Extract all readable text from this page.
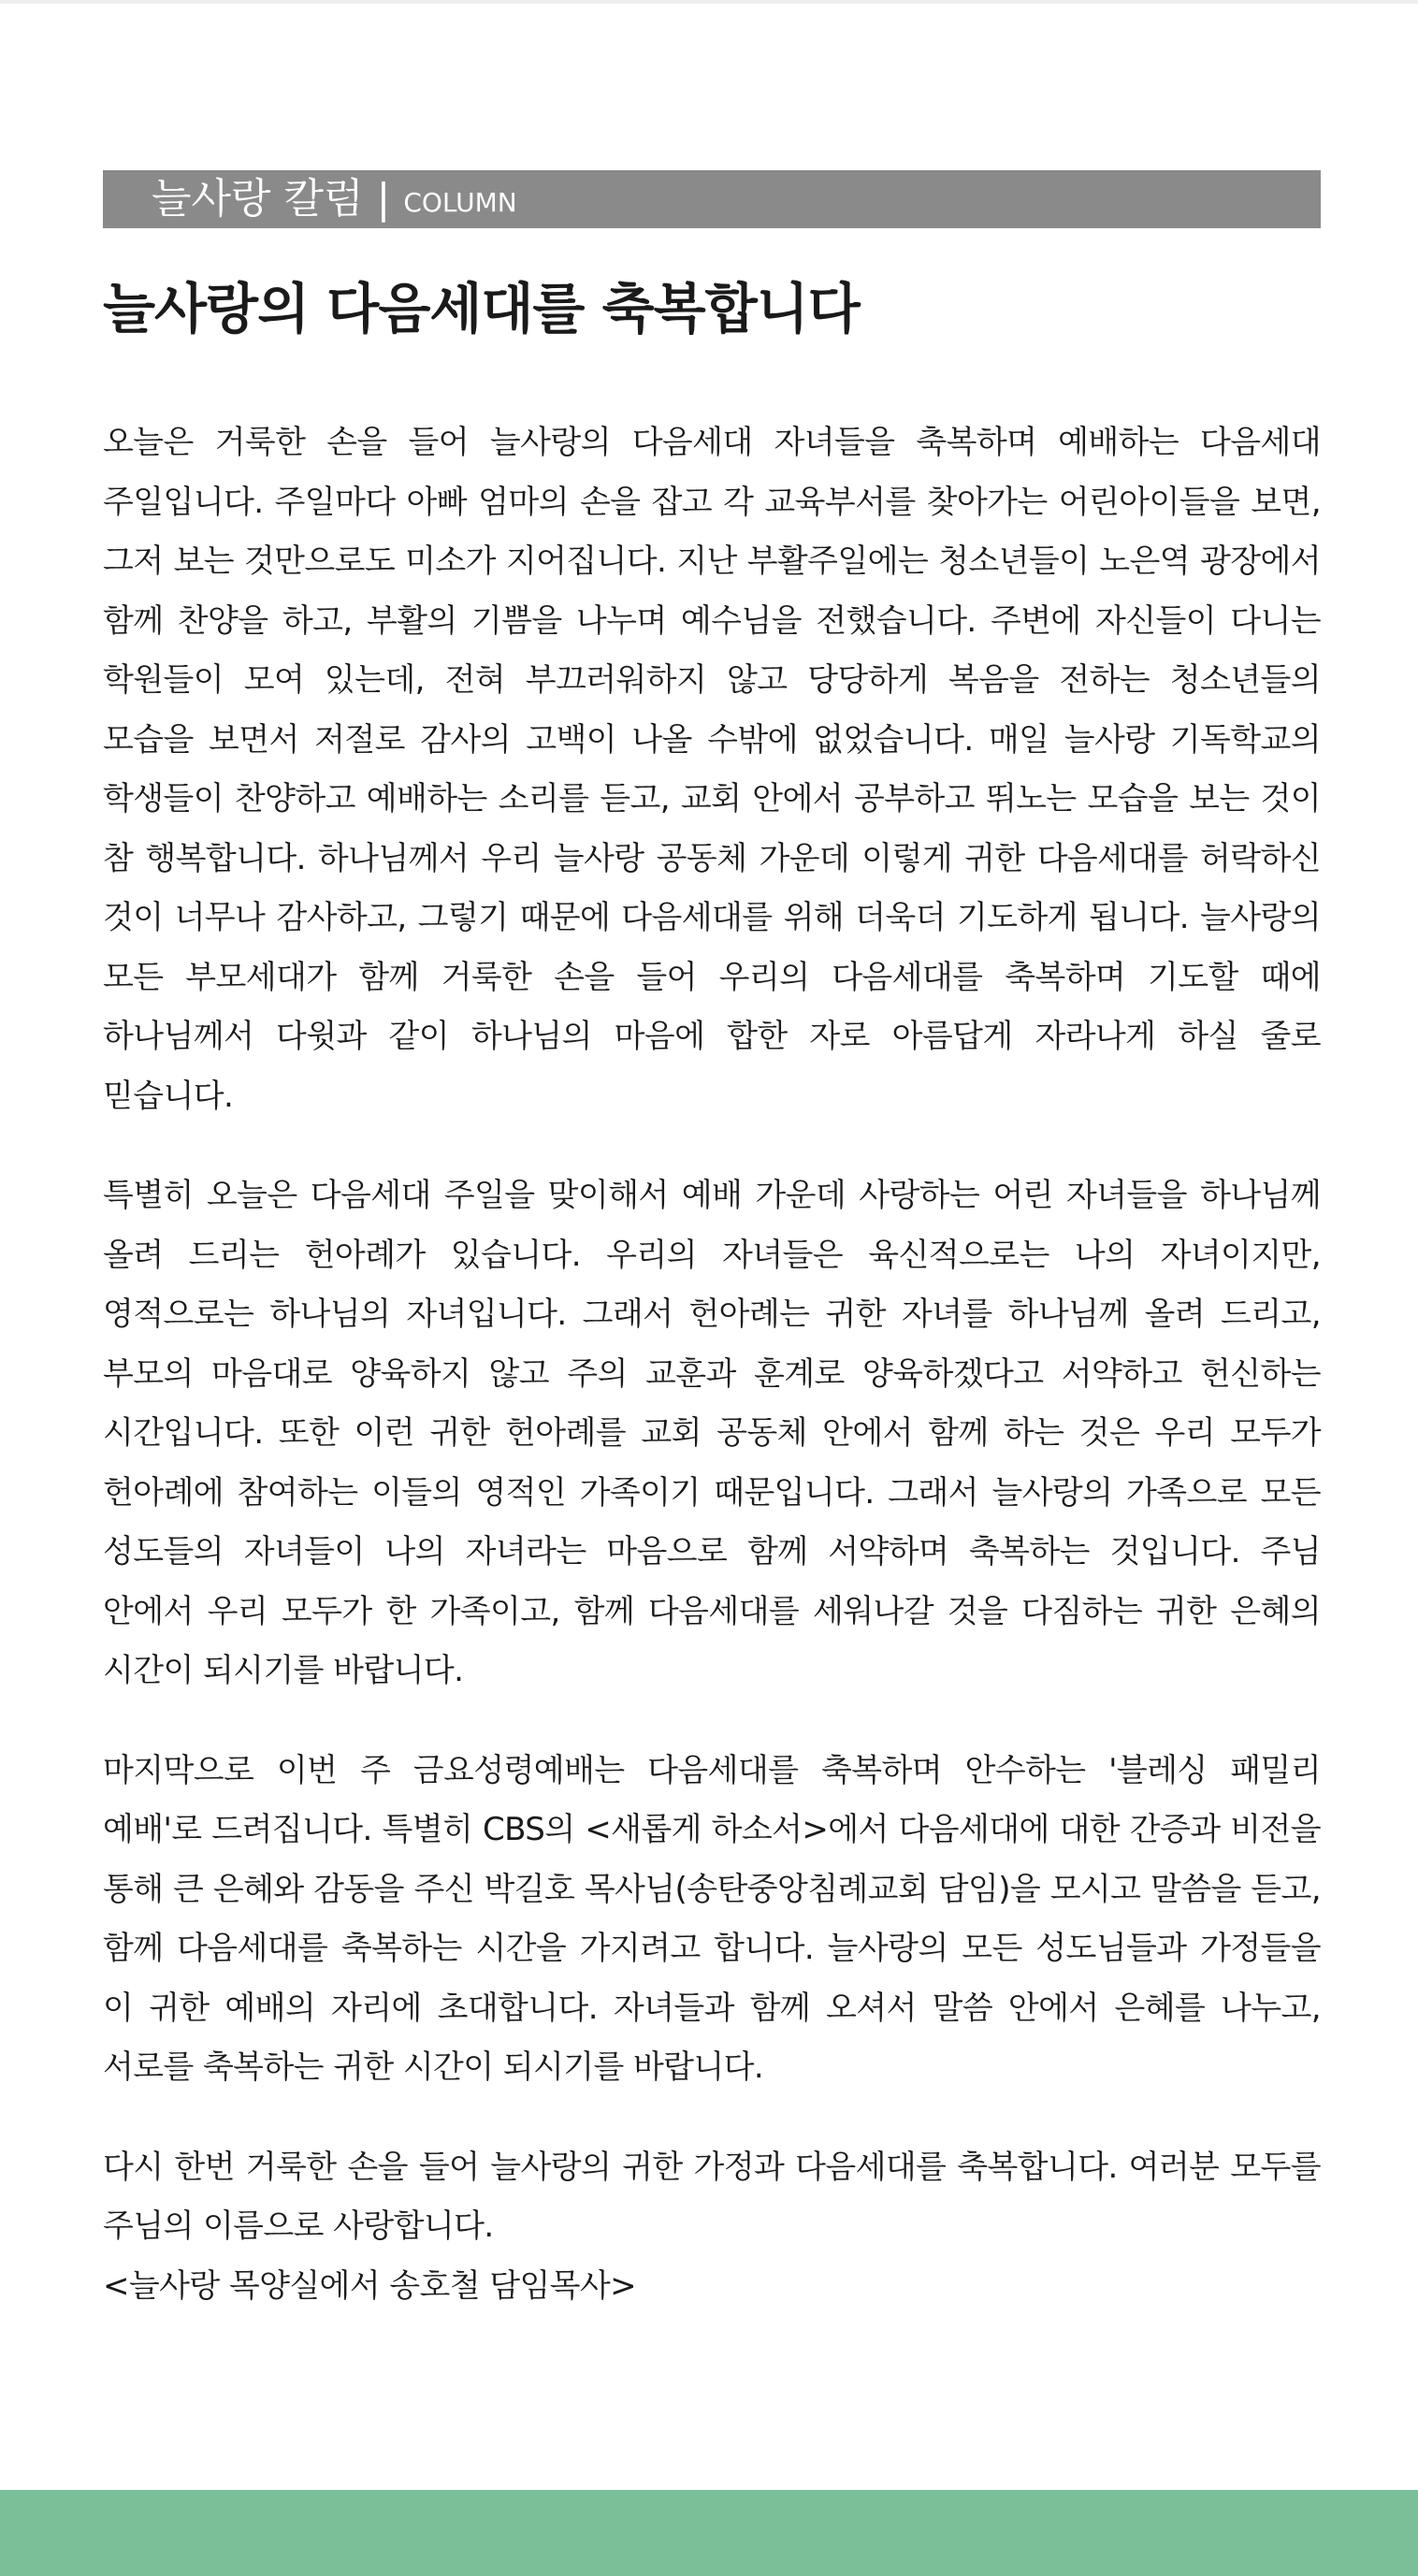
늘사랑 칼럼 | COLUMN
늘사랑의 다음세대를 축복합니다

오늘은 거룩한 손을 들어 늘사랑의 다음세대 자녀들을 축복하며 예배하는 다음세대 주일입니다. 주일마다 아빠 엄마의 손을 잡고 각 교육부서를 찾아가는 어린아이들을 보면, 그저 보는 것만으로도 미소가 지어집니다. 지난 부활주일에는 청소년들이 노은역 광장에서 함께 찬양을 하고, 부활의 기쁨을 나누며 예수님을 전했습니다. 주변에 자신들이 다니는 학원들이 모여 있는데, 전혀 부끄러워하지 않고 당당하게 복음을 전하는 청소년들의 모습을 보면서 저절로 감사의 고백이 나올 수밖에 없었습니다. 매일 늘사랑 기독학교의 학생들이 찬양하고 예배하는 소리를 듣고, 교회 안에서 공부하고 뛰노는 모습을 보는 것이 참 행복합니다. 하나님께서 우리 늘사랑 공동체 가운데 이렇게 귀한 다음세대를 허락하신 것이 너무나 감사하고, 그렇기 때문에 다음세대를 위해 더욱더 기도하게 됩니다. 늘사랑의 모든 부모세대가 함께 거룩한 손을 들어 우리의 다음세대를 축복하며 기도할 때에 하나님께서 다윗과 같이 하나님의 마음에 합한 자로 아름답게 자라나게 하실 줄로 믿습니다.

특별히 오늘은 다음세대 주일을 맞이해서 예배 가운데 사랑하는 어린 자녀들을 하나님께 올려 드리는 헌아례가 있습니다. 우리의 자녀들은 육신적으로는 나의 자녀이지만, 영적으로는 하나님의 자녀입니다. 그래서 헌아례는 귀한 자녀를 하나님께 올려 드리고, 부모의 마음대로 양육하지 않고 주의 교훈과 훈계로 양육하겠다고 서약하고 헌신하는 시간입니다. 또한 이런 귀한 헌아례를 교회 공동체 안에서 함께 하는 것은 우리 모두가 헌아례에 참여하는 이들의 영적인 가족이기 때문입니다. 그래서 늘사랑의 가족으로 모든 성도들의 자녀들이 나의 자녀라는 마음으로 함께 서약하며 축복하는 것입니다. 주님 안에서 우리 모두가 한 가족이고, 함께 다음세대를 세워나갈 것을 다짐하는 귀한 은혜의 시간이 되시기를 바랍니다.

마지막으로 이번 주 금요성령예배는 다음세대를 축복하며 안수하는 '블레싱 패밀리 예배'로 드려집니다. 특별히 CBS의 <새롭게 하소서>에서 다음세대에 대한 간증과 비전을 통해 큰 은혜와 감동을 주신 박길호 목사님(송탄중앙침례교회 담임)을 모시고 말씀을 듣고, 함께 다음세대를 축복하는 시간을 가지려고 합니다. 늘사랑의 모든 성도님들과 가정들을 이 귀한 예배의 자리에 초대합니다. 자녀들과 함께 오셔서 말씀 안에서 은혜를 나누고, 서로를 축복하는 귀한 시간이 되시기를 바랍니다.

다시 한번 거룩한 손을 들어 늘사랑의 귀한 가정과 다음세대를 축복합니다. 여러분 모두를 주님의 이름으로 사랑합니다.

<늘사랑 목양실에서 송호철 담임목사>
